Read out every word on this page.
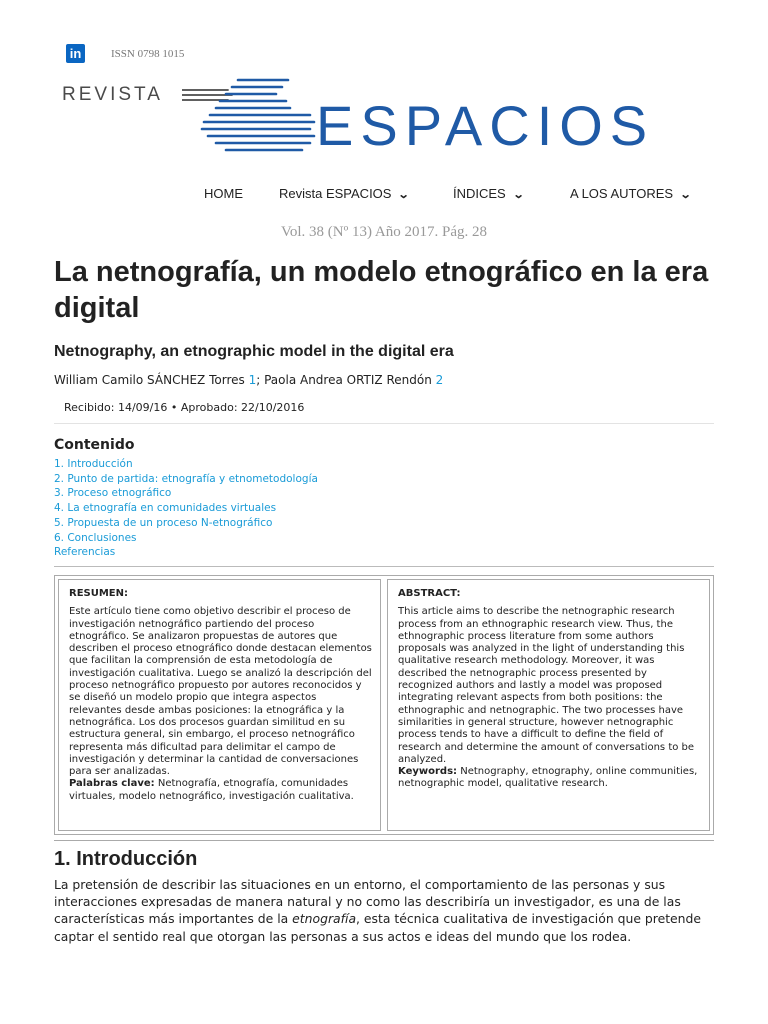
in	ISSN 0798 1015
REVISTA	ESPACIOS
HOME	Revista ESPACIOS ⌄	ÍNDICES ⌄	A LOS AUTORES ⌄
Vol. 38 (Nº 13) Año 2017. Pág. 28
La netnografía, un modelo etnográfico en la era digital
Netnography, an etnographic model in the digital era
William Camilo SÁNCHEZ Torres 1; Paola Andrea ORTIZ Rendón 2
Recibido: 14/09/16 • Aprobado: 22/10/2016
Contenido
1. Introducción
2. Punto de partida: etnografía y etnometodología
3. Proceso etnográfico
4. La etnografía en comunidades virtuales
5. Propuesta de un proceso N-etnográfico
6. Conclusiones
Referencias
RESUMEN:

Este artículo tiene como objetivo describir el proceso de investigación netnográfico partiendo del proceso etnográfico. Se analizaron propuestas de autores que describen el proceso etnográfico donde destacan elementos que facilitan la comprensión de esta metodología de investigación cualitativa. Luego se analizó la descripción del proceso netnográfico propuesto por autores reconocidos y se diseñó un modelo propio que integra aspectos relevantes desde ambas posiciones: la etnográfica y la netnográfica. Los dos procesos guardan similitud en su estructura general, sin embargo, el proceso netnográfico representa más dificultad para delimitar el campo de investigación y determinar la cantidad de conversaciones para ser analizadas.

Palabras clave: Netnografía, etnografía, comunidades virtuales, modelo netnográfico, investigación cualitativa.

ABSTRACT:

This article aims to describe the netnographic research process from an ethnographic research view. Thus, the ethnographic process literature from some authors proposals was analyzed in the light of understanding this qualitative research methodology. Moreover, it was described the netnographic process presented by recognized authors and lastly a model was proposed integrating relevant aspects from both positions: the ethnographic and netnographic. The two processes have similarities in general structure, however netnographic process tends to have a difficult to define the field of research and determine the amount of conversations to be analyzed.

Keywords: Netnography, etnography, online communities, netnographic model, qualitative research.

1. Introducción

La pretensión de describir las situaciones en un entorno, el comportamiento de las personas y sus interacciones expresadas de manera natural y no como las describiría un investigador, es una de las características más importantes de la etnografía, esta técnica cualitativa de investigación que pretende captar el sentido real que otorgan las personas a sus actos e ideas del mundo que los rodea.
